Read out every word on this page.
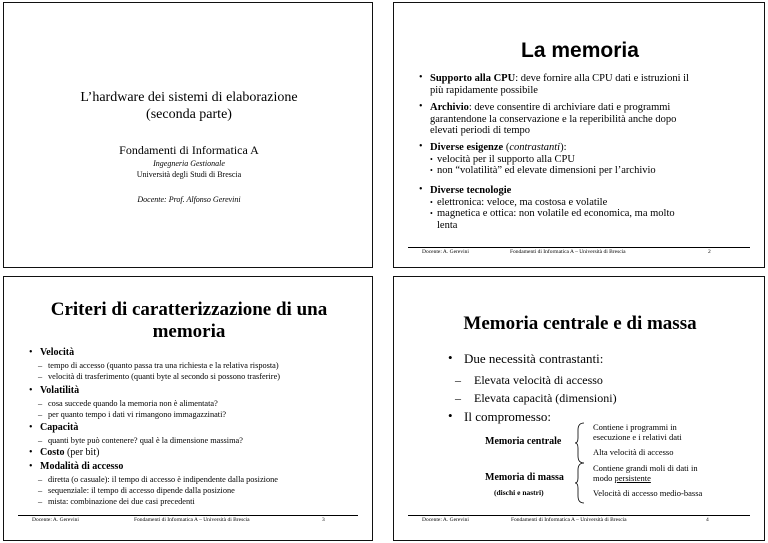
L’hardware dei sistemi di elaborazione
(seconda parte)
Fondamenti di Informatica A
Ingegneria Gestionale
Università degli Studi di Brescia
Docente: Prof. Alfonso Gerevini
La memoria
• Supporto alla CPU: deve fornire alla CPU dati e istruzioni il
più rapidamente possibile
• Archivio: deve consentire di archiviare dati e programmi
garantendone la conservazione e la reperibilità anche dopo
elevati periodi di tempo
• Diverse esigenze (contrastanti):
• velocità per il supporto alla CPU
• non “volatilità” ed elevate dimensioni per l’archivio
• Diverse tecnologie
• elettronica: veloce, ma costosa e volatile
• magnetica e ottica: non volatile ed economica, ma molto
lenta
Docente: A. Gerevini	Fondamenti di Informatica A – Università di Brescia	2
Criteri di caratterizzazione di una
memoria
• Velocità
– tempo di accesso (quanto passa tra una richiesta e la relativa risposta)
– velocità di trasferimento (quanti byte al secondo si possono trasferire)
• Volatilità
– cosa succede quando la memoria non è alimentata?
– per quanto tempo i dati vi rimangono immagazzinati?
• Capacità
– quanti byte può contenere? qual è la dimensione massima?
• Costo (per bit)
• Modalità di accesso
– diretta (o casuale): il tempo di accesso è indipendente dalla posizione
– sequenziale: il tempo di accesso dipende dalla posizione
– mista: combinazione dei due casi precedenti
Docente: A. Gerevini	Fondamenti di Informatica A – Università di Brescia	3
Memoria centrale e di massa
• Due necessità contrastanti:
– Elevata velocità di accesso
– Elevata capacità (dimensioni)
• Il compromesso:
Memoria centrale
Contiene i programmi in
esecuzione e i relativi dati
Alta velocità di accesso
Memoria di massa
(dischi e nastri)
Contiene grandi moli di dati in
modo persistente
Velocità di accesso medio-bassa
Docente: A. Gerevini	Fondamenti di Informatica A – Università di Brescia	4
